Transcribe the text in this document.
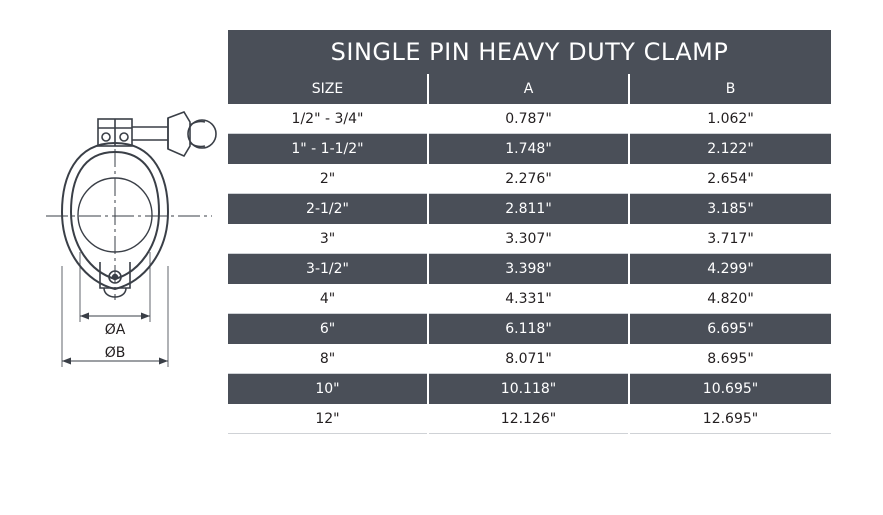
ØA
ØB
SINGLE PIN HEAVY DUTY CLAMP		
SIZE	A	B
1/2" - 3/4"	0.787"	1.062"
1" - 1-1/2"	1.748"	2.122"
2"	2.276"	2.654"
2-1/2"	2.811"	3.185"
3"	3.307"	3.717"
3-1/2"	3.398"	4.299"
4"	4.331"	4.820"
6"	6.118"	6.695"
8"	8.071"	8.695"
10"	10.118"	10.695"
12"	12.126"	12.695"
